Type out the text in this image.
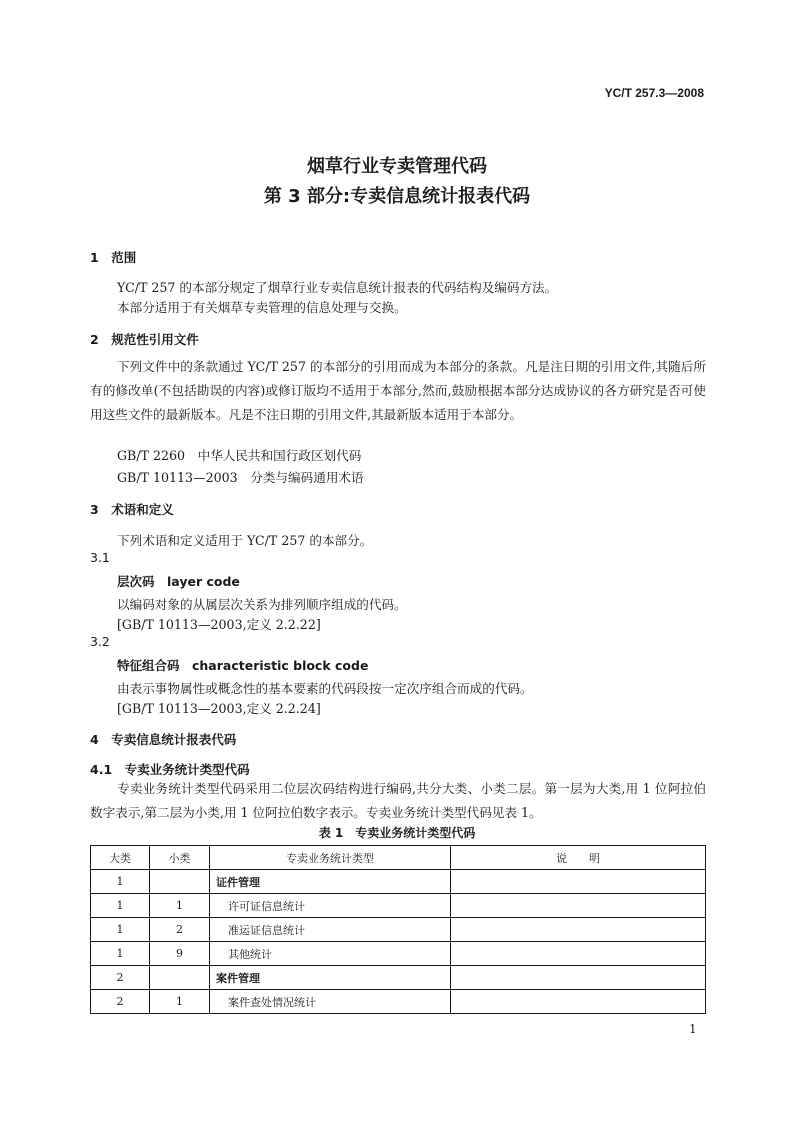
YC/T 257.3—2008
烟草行业专卖管理代码
第 3 部分:专卖信息统计报表代码
1　范围
YC/T 257 的本部分规定了烟草行业专卖信息统计报表的代码结构及编码方法。
本部分适用于有关烟草专卖管理的信息处理与交换。
2　规范性引用文件
下列文件中的条款通过 YC/T 257 的本部分的引用而成为本部分的条款。凡是注日期的引用文件,其随后所有的修改单(不包括勘误的内容)或修订版均不适用于本部分,然而,鼓励根据本部分达成协议的各方研究是否可使用这些文件的最新版本。凡是不注日期的引用文件,其最新版本适用于本部分。
GB/T 2260　中华人民共和国行政区划代码
GB/T 10113—2003　分类与编码通用术语
3　术语和定义
下列术语和定义适用于 YC/T 257 的本部分。
3.1
层次码　layer code
以编码对象的从属层次关系为排列顺序组成的代码。
[GB/T 10113—2003,定义 2.2.22]
3.2
特征组合码　characteristic block code
由表示事物属性或概念性的基本要素的代码段按一定次序组合而成的代码。
[GB/T 10113—2003,定义 2.2.24]
4　专卖信息统计报表代码
4.1　专卖业务统计类型代码
专卖业务统计类型代码采用二位层次码结构进行编码,共分大类、小类二层。第一层为大类,用 1 位阿拉伯数字表示,第二层为小类,用 1 位阿拉伯数字表示。专卖业务统计类型代码见表 1。
表 1　专卖业务统计类型代码
大类	小类	专卖业务统计类型	说　　明
1		证件管理	
1	1	许可证信息统计	
1	2	准运证信息统计	
1	9	其他统计	
2		案件管理	
2	1	案件查处情况统计	
1
